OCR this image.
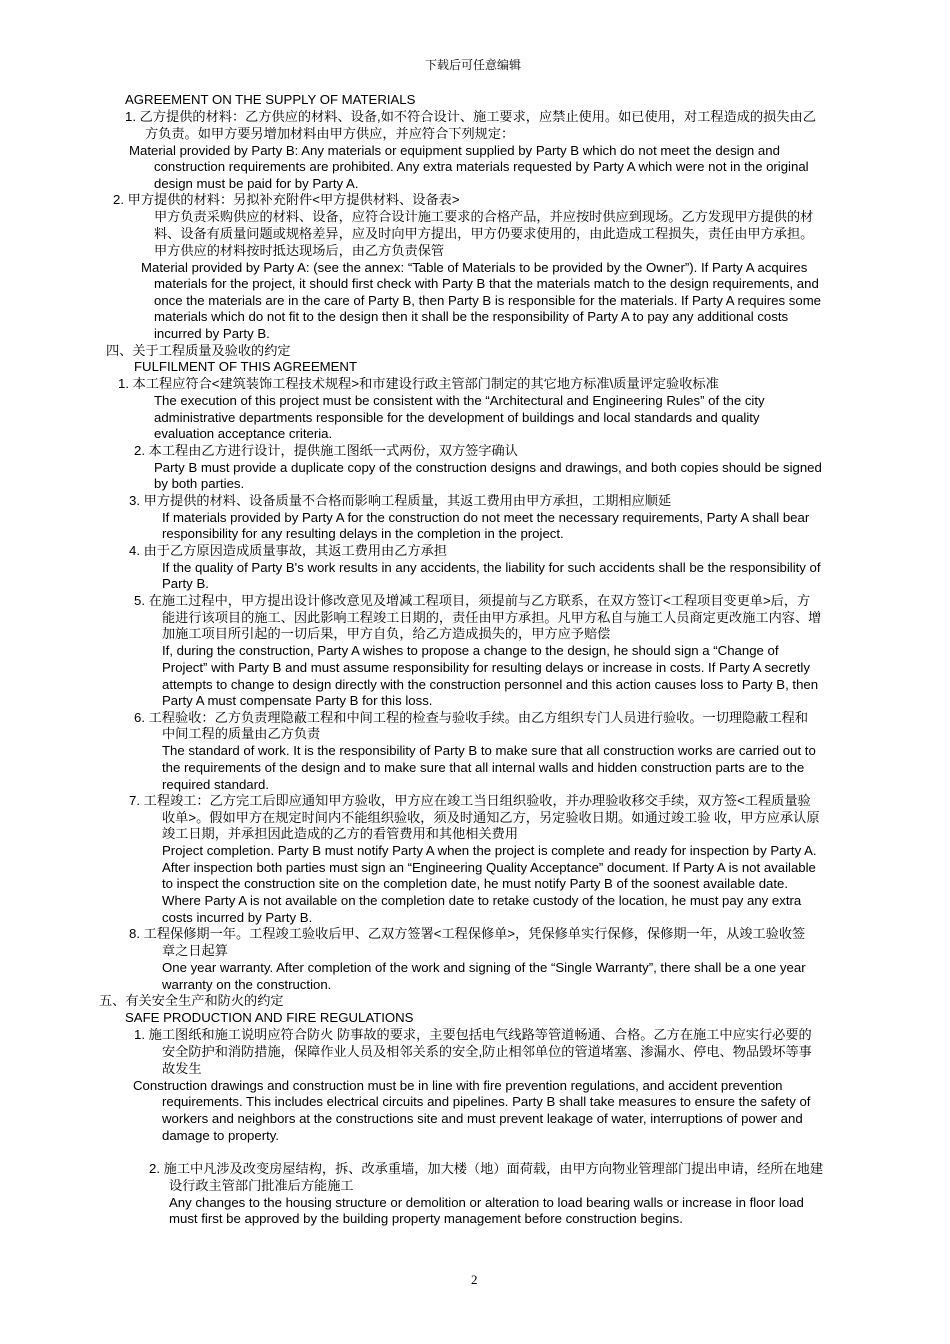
下载后可任意编辑
AGREEMENT ON THE SUPPLY OF MATERIALS
1. 乙方提供的材料：乙方供应的材料、设备,如不符合设计、施工要求，应禁止使用。如已使用，对工程造成的损失由乙
方负责。如甲方要另增加材料由甲方供应，并应符合下列规定：
Material provided by Party B: Any materials or equipment supplied by Party B which do not meet the design and
construction requirements are prohibited. Any extra materials requested by Party A which were not in the original
design must be paid for by Party A.
2. 甲方提供的材料：另拟补充附件<甲方提供材料、设备表>
甲方负责采购供应的材料、设备，应符合设计施工要求的合格产品，并应按时供应到现场。乙方发现甲方提供的材
料、设备有质量问题或规格差异，应及时向甲方提出，甲方仍要求使用的，由此造成工程损失，责任由甲方承担。
甲方供应的材料按时抵达现场后，由乙方负责保管
Material provided by Party A: (see the annex: “Table of Materials to be provided by the Owner”). If Party A acquires
materials for the project, it should first check with Party B that the materials match to the design requirements, and
once the materials are in the care of Party B, then Party B is responsible for the materials. If Party A requires some
materials which do not fit to the design then it shall be the responsibility of Party A to pay any additional costs
incurred by Party B.
四、关于工程质量及验收的约定
FULFILMENT OF THIS AGREEMENT
1. 本工程应符合<建筑装饰工程技术规程>和市建设行政主管部门制定的其它地方标准\质量评定验收标准
The execution of this project must be consistent with the “Architectural and Engineering Rules” of the city
administrative departments responsible for the development of buildings and local standards and quality
evaluation acceptance criteria.
2. 本工程由乙方进行设计，提供施工图纸一式两份，双方签字确认
Party B must provide a duplicate copy of the construction designs and drawings, and both copies should be signed
by both parties.
3. 甲方提供的材料、设备质量不合格而影响工程质量，其返工费用由甲方承担，工期相应顺延
If materials provided by Party A for the construction do not meet the necessary requirements, Party A shall bear
responsibility for any resulting delays in the completion in the project.
4. 由于乙方原因造成质量事故，其返工费用由乙方承担
If the quality of Party B's work results in any accidents, the liability for such accidents shall be the responsibility of
Party B.
5. 在施工过程中，甲方提出设计修改意见及增减工程项目，须提前与乙方联系，在双方签订<工程项目变更单>后，方
能进行该项目的施工、因此影响工程竣工日期的，责任由甲方承担。凡甲方私自与施工人员商定更改施工内容、增
加施工项目所引起的一切后果，甲方自负，给乙方造成损失的，甲方应予赔偿
If, during the construction, Party A wishes to propose a change to the design, he should sign a “Change of
Project” with Party B and must assume responsibility for resulting delays or increase in costs. If Party A secretly
attempts to change to design directly with the construction personnel and this action causes loss to Party B, then
Party A must compensate Party B for this loss.
6. 工程验收：乙方负责理隐蔽工程和中间工程的检查与验收手续。由乙方组织专门人员进行验收。一切理隐蔽工程和
中间工程的质量由乙方负责
The standard of work. It is the responsibility of Party B to make sure that all construction works are carried out to
the requirements of the design and to make sure that all internal walls and hidden construction parts are to the
required standard.
7. 工程竣工：乙方完工后即应通知甲方验收，甲方应在竣工当日组织验收，并办理验收移交手续，双方签<工程质量验
收单>。假如甲方在规定时间内不能组织验收，须及时通知乙方，另定验收日期。如通过竣工验 收，甲方应承认原
竣工日期，并承担因此造成的乙方的看管费用和其他相关费用
Project completion. Party B must notify Party A when the project is complete and ready for inspection by Party A.
After inspection both parties must sign an “Engineering Quality Acceptance” document. If Party A is not available
to inspect the construction site on the completion date, he must notify Party B of the soonest available date.
Where Party A is not available on the completion date to retake custody of the location, he must pay any extra
costs incurred by Party B.
8. 工程保修期一年。工程竣工验收后甲、乙双方签署<工程保修单>，凭保修单实行保修，保修期一年，从竣工验收签
章之日起算
One year warranty. After completion of the work and signing of the “Single Warranty”, there shall be a one year
warranty on the construction.
五、有关安全生产和防火的约定
SAFE PRODUCTION AND FIRE REGULATIONS
1. 施工图纸和施工说明应符合防火 防事故的要求，主要包括电气线路等管道畅通、合格。乙方在施工中应实行必要的
安全防护和消防措施，保障作业人员及相邻关系的安全,防止相邻单位的管道堵塞、渗漏水、停电、物品毁坏等事
故发生
Construction drawings and construction must be in line with fire prevention regulations, and accident prevention
requirements. This includes electrical circuits and pipelines. Party B shall take measures to ensure the safety of
workers and neighbors at the constructions site and must prevent leakage of water, interruptions of power and
damage to property.
2. 施工中凡涉及改变房屋结构，拆、改承重墙，加大楼（地）面荷载，由甲方向物业管理部门提出申请，经所在地建
设行政主管部门批准后方能施工
Any changes to the housing structure or demolition or alteration to load bearing walls or increase in floor load
must first be approved by the building property management before construction begins.
2
